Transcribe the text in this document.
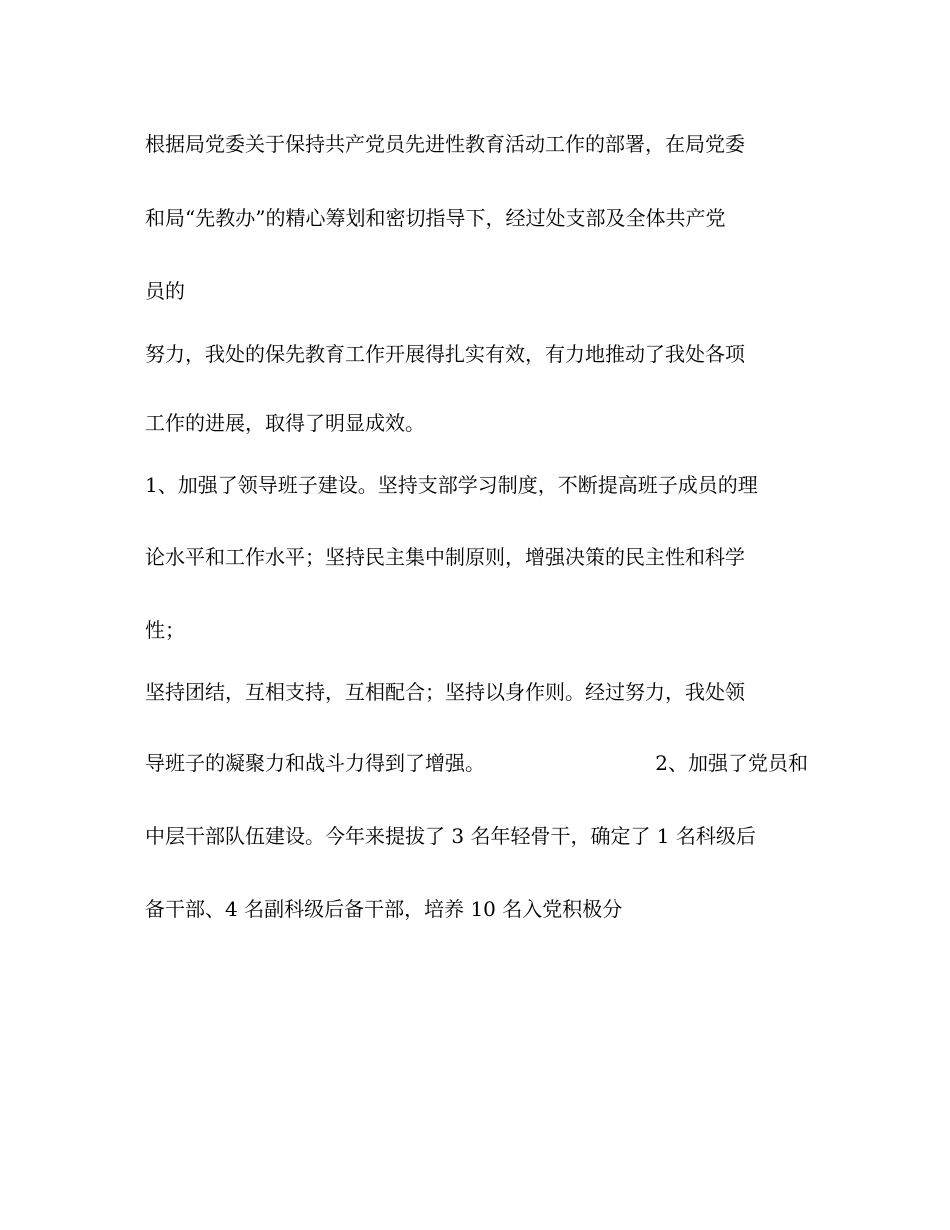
根据局党委关于保持共产党员先进性教育活动工作的部署，在局党委
和局“先教办”的精心筹划和密切指导下，经过处支部及全体共产党
员的
努力，我处的保先教育工作开展得扎实有效，有力地推动了我处各项
工作的进展，取得了明显成效。
1、加强了领导班子建设。坚持支部学习制度，不断提高班子成员的理
论水平和工作水平；坚持民主集中制原则，增强决策的民主性和科学
性；
坚持团结，互相支持，互相配合；坚持以身作则。经过努力，我处领
导班子的凝聚力和战斗力得到了增强。	2、加强了党员和
中层干部队伍建设。今年来提拔了 3 名年轻骨干，确定了 1 名科级后
备干部、4 名副科级后备干部，培养 10 名入党积极分
